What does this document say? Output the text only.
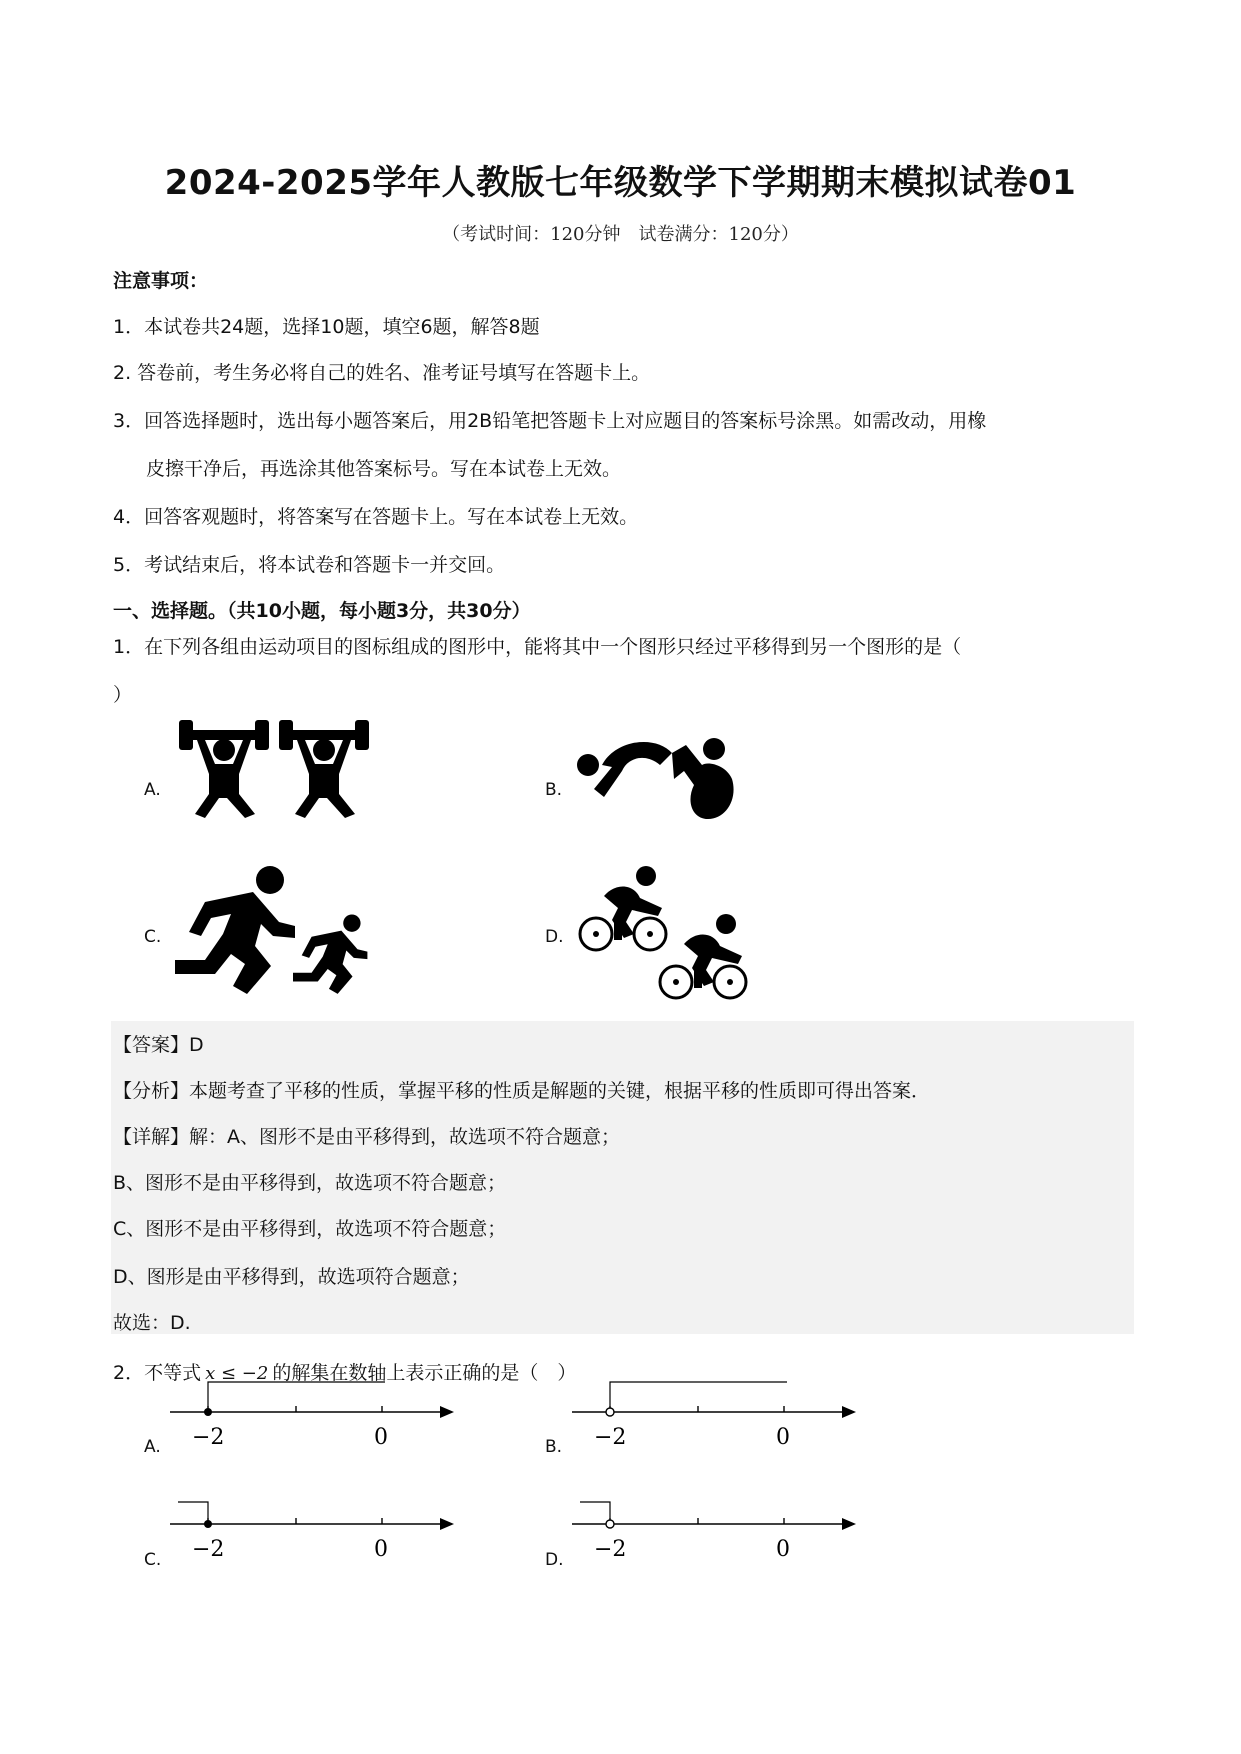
2024-2025学年人教版七年级数学下学期期末模拟试卷01
（考试时间：120分钟　试卷满分：120分）
注意事项：
1．本试卷共24题，选择10题，填空6题，解答8题
2. 答卷前，考生务必将自己的姓名、准考证号填写在答题卡上。
3．回答选择题时，选出每小题答案后，用2B铅笔把答题卡上对应题目的答案标号涂黑。如需改动，用橡
皮擦干净后，再选涂其他答案标号。写在本试卷上无效。
4．回答客观题时，将答案写在答题卡上。写在本试卷上无效。
5．考试结束后，将本试卷和答题卡一并交回。
一、选择题。（共10小题，每小题3分，共30分）
1．在下列各组由运动项目的图标组成的图形中，能将其中一个图形只经过平移得到另一个图形的是（
）
A.	B.
C.	D.
【答案】D
【分析】本题考查了平移的性质，掌握平移的性质是解题的关键，根据平移的性质即可得出答案．
【详解】解：A、图形不是由平移得到，故选项不符合题意；
B、图形不是由平移得到，故选项不符合题意；
C、图形不是由平移得到，故选项不符合题意；
D、图形是由平移得到，故选项符合题意；
故选：D.
2．不等式 x ≤ −2 的解集在数轴上表示正确的是（　）
A. −2	0	B. −2	0
C. −2	0	D. −2	0
